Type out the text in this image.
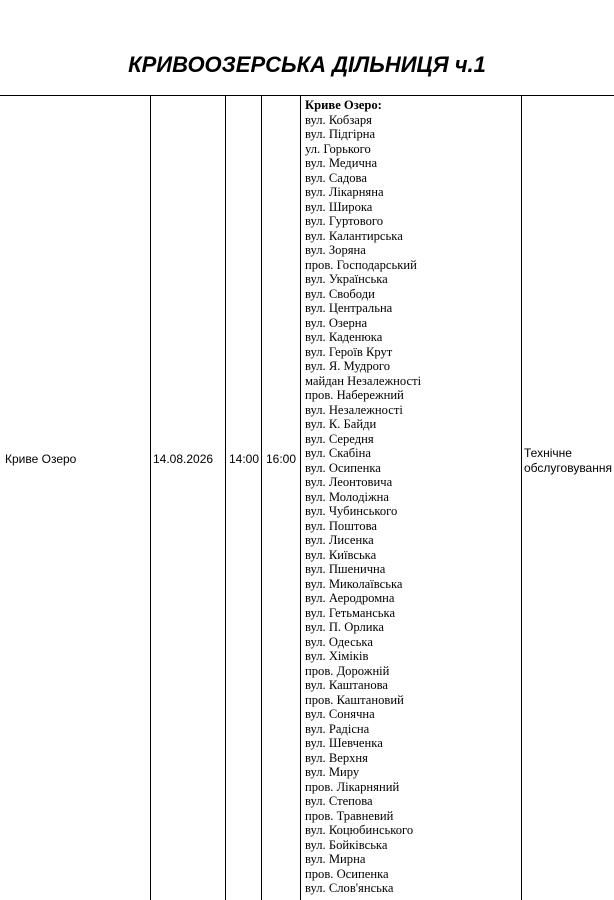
КРИВООЗЕРСЬКА ДІЛЬНИЦЯ ч.1
Криве Озеро	14.08.2026 14:00 16:00
Криве Озеро:
вул. Кобзаря
вул. Підгірна
ул. Горького
вул. Медична
вул. Садова
вул. Лікарняна
вул. Широка
вул. Гуртового
вул. Калантирська
вул. Зоряна
пров. Господарський
вул. Українська
вул. Свободи
вул. Центральна
вул. Озерна
вул. Каденюка
вул. Героїв Крут
вул. Я. Мудрого
майдан Незалежності
пров. Набережний
вул. Незалежності
вул. К. Байди
вул. Середня
вул. Скабіна
вул. Осипенка
вул. Леонтовича
вул. Молодіжна
вул. Чубинського
вул. Поштова
вул. Лисенка
вул. Київська
вул. Пшенична
вул. Миколаївська
вул. Аеродромна
вул. Гетьманська
вул. П. Орлика
вул. Одеська
вул. Хіміків
пров. Дорожній
вул. Каштанова
пров. Каштановий
вул. Сонячна
вул. Радісна
вул. Шевченка
вул. Верхня
вул. Миру
пров. Лікарняний
вул. Степова
пров. Травневий
вул. Коцюбинського
вул. Бойківська
вул. Мирна
пров. Осипенка
вул. Слов'янська
Технічне
обслуговування
